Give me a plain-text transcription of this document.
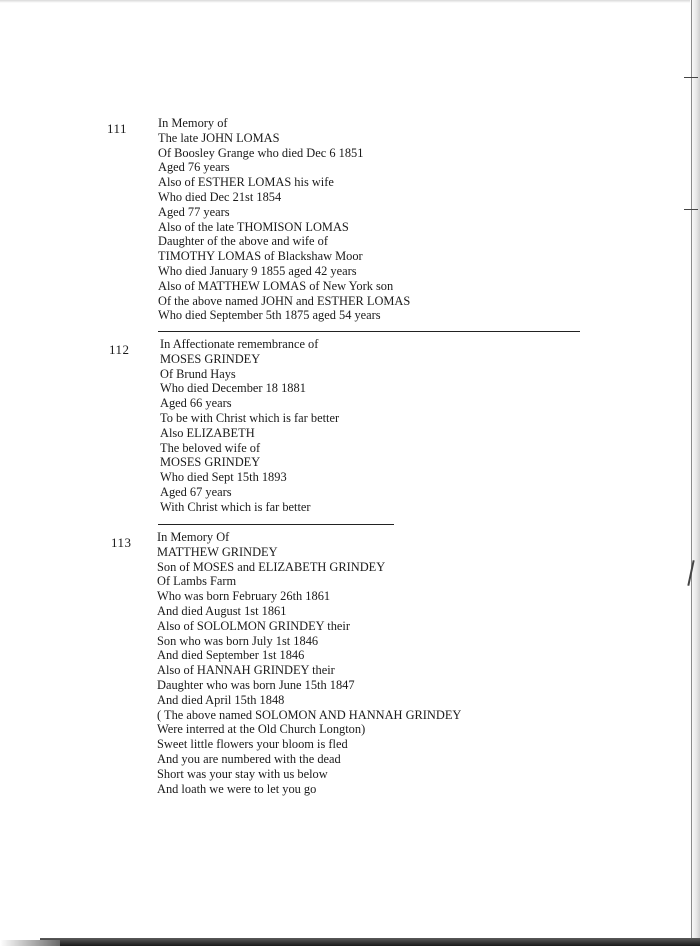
111 In Memory of
The late JOHN LOMAS
Of Boosley Grange who died Dec 6 1851
Aged 76 years
Also of ESTHER LOMAS his wife
Who died Dec 21st 1854
Aged 77 years
Also of the late THOMISON LOMAS
Daughter of the above and wife of
TIMOTHY LOMAS of Blackshaw Moor
Who died January 9 1855 aged 42 years
Also of MATTHEW LOMAS of New York son
Of the above named JOHN and ESTHER LOMAS
Who died September 5th 1875 aged 54 years
112 In Affectionate remembrance of
MOSES GRINDEY
Of Brund Hays
Who died December 18 1881
Aged 66 years
To be with Christ which is far better
Also ELIZABETH
The beloved wife of
MOSES GRINDEY
Who died Sept 15th 1893
Aged 67 years
With Christ which is far better
113 In Memory Of
MATTHEW GRINDEY
Son of MOSES and ELIZABETH GRINDEY
Of Lambs Farm
Who was born February 26th 1861
And died August 1st 1861
Also of SOLOLMON GRINDEY their
Son who was born July 1st 1846
And died September 1st 1846
Also of HANNAH GRINDEY their
Daughter who was born June 15th 1847
And died April 15th 1848
( The above named SOLOMON AND HANNAH GRINDEY
Were interred at the Old Church Longton)
Sweet little flowers your bloom is fled
And you are numbered with the dead
Short was your stay with us below
And loath we were to let you go
